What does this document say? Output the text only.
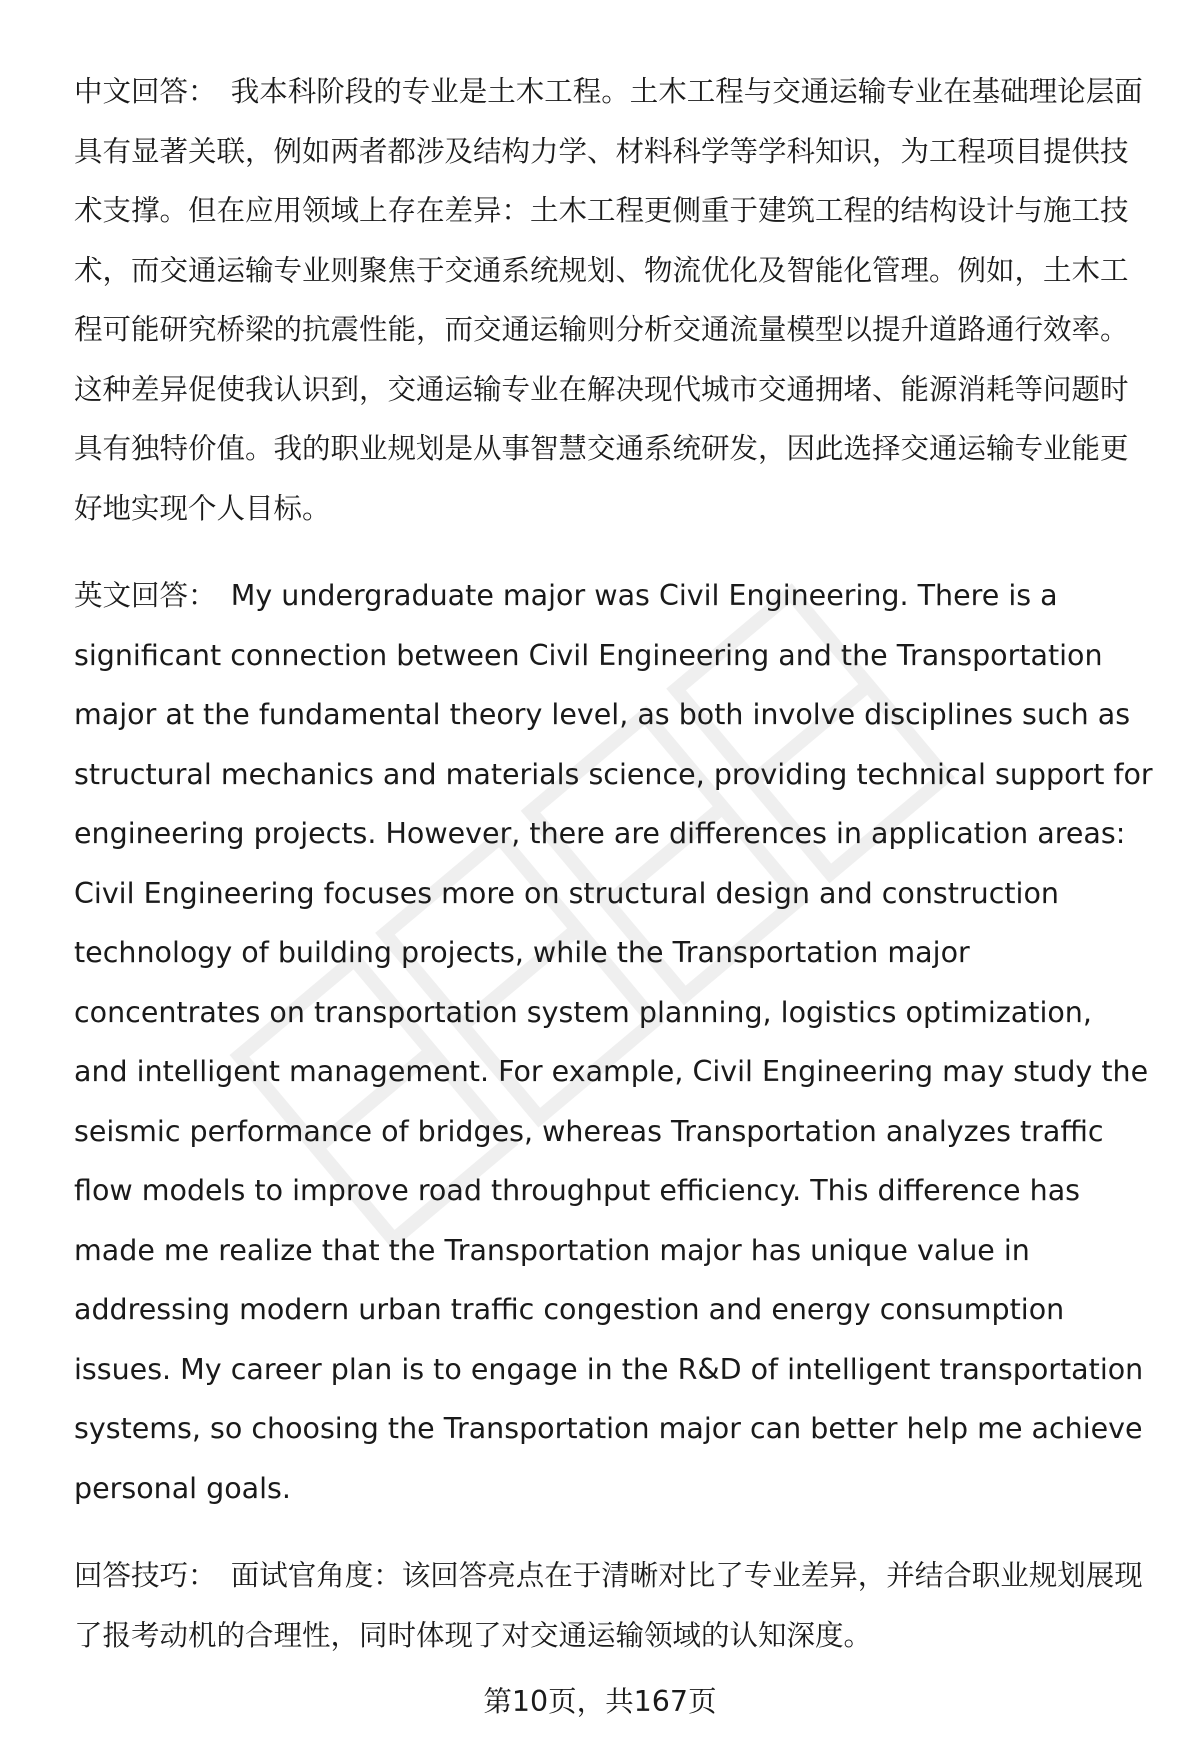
中文回答： 我本科阶段的专业是土木工程。土木工程与交通运输专业在基础理论层面具有显著关联，例如两者都涉及结构力学、材料科学等学科知识，为工程项目提供技术支撑。但在应用领域上存在差异：土木工程更侧重于建筑工程的结构设计与施工技术，而交通运输专业则聚焦于交通系统规划、物流优化及智能化管理。例如，土木工程可能研究桥梁的抗震性能，而交通运输则分析交通流量模型以提升道路通行效率。这种差异促使我认识到，交通运输专业在解决现代城市交通拥堵、能源消耗等问题时具有独特价值。我的职业规划是从事智慧交通系统研发，因此选择交通运输专业能更好地实现个人目标。

英文回答： My undergraduate major was Civil Engineering. There is a significant connection between Civil Engineering and the Transportation major at the fundamental theory level, as both involve disciplines such as structural mechanics and materials science, providing technical support for engineering projects. However, there are differences in application areas: Civil Engineering focuses more on structural design and construction technology of building projects, while the Transportation major concentrates on transportation system planning, logistics optimization, and intelligent management. For example, Civil Engineering may study the seismic performance of bridges, whereas Transportation analyzes traffic flow models to improve road throughput efficiency. This difference has made me realize that the Transportation major has unique value in addressing modern urban traffic congestion and energy consumption issues. My career plan is to engage in the R&D of intelligent transportation systems, so choosing the Transportation major can better help me achieve personal goals.

回答技巧： 面试官角度：该回答亮点在于清晰对比了专业差异，并结合职业规划展现了报考动机的合理性，同时体现了对交通运输领域的认知深度。

第10页，共167页
